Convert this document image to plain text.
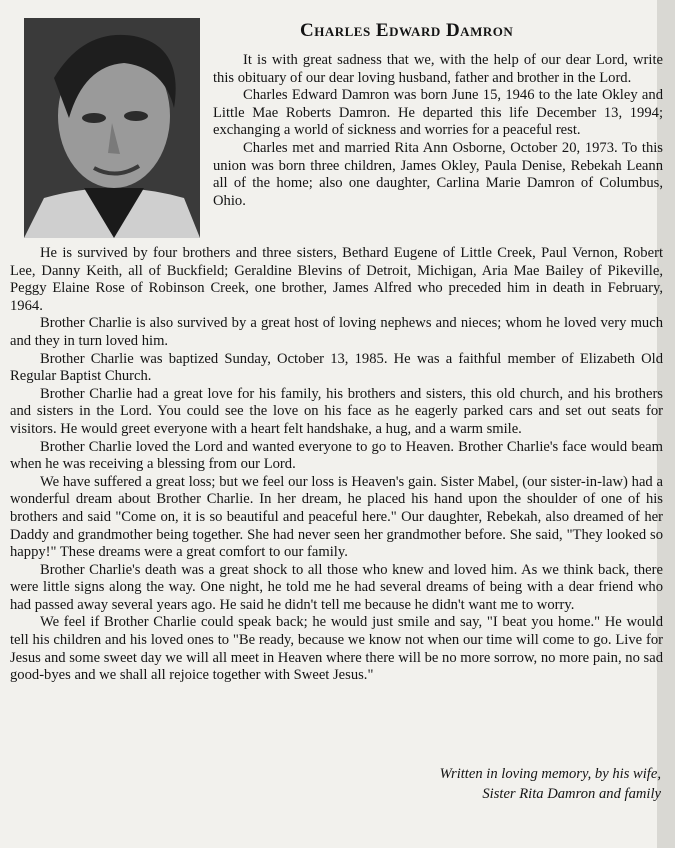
Charles Edward Damron

It is with great sadness that we, with the help of our dear Lord, write this obituary of our dear loving husband, father and brother in the Lord.

Charles Edward Damron was born June 15, 1946 to the late Okley and Little Mae Roberts Damron. He departed this life December 13, 1994; exchanging a world of sickness and worries for a peaceful rest.

Charles met and married Rita Ann Osborne, October 20, 1973. To this union was born three children, James Okley, Paula Denise, Rebekah Leann all of the home; also one daughter, Carlina Marie Damron of Columbus, Ohio.

He is survived by four brothers and three sisters, Bethard Eugene of Little Creek, Paul Vernon, Robert Lee, Danny Keith, all of Buckfield; Geraldine Blevins of Detroit, Michigan, Aria Mae Bailey of Pikeville, Peggy Elaine Rose of Robinson Creek, one brother, James Alfred who preceded him in death in February, 1964.

Brother Charlie is also survived by a great host of loving nephews and nieces; whom he loved very much and they in turn loved him.

Brother Charlie was baptized Sunday, October 13, 1985. He was a faithful member of Elizabeth Old Regular Baptist Church.

Brother Charlie had a great love for his family, his brothers and sisters, this old church, and his brothers and sisters in the Lord. You could see the love on his face as he eagerly parked cars and set out seats for visitors. He would greet everyone with a heart felt handshake, a hug, and a warm smile.

Brother Charlie loved the Lord and wanted everyone to go to Heaven. Brother Charlie's face would beam when he was receiving a blessing from our Lord.

We have suffered a great loss; but we feel our loss is Heaven's gain. Sister Mabel, (our sister-in-law) had a wonderful dream about Brother Charlie. In her dream, he placed his hand upon the shoulder of one of his brothers and said "Come on, it is so beautiful and peaceful here." Our daughter, Rebekah, also dreamed of her Daddy and grandmother being together. She had never seen her grandmother before. She said, "They looked so happy!" These dreams were a great comfort to our family.

Brother Charlie's death was a great shock to all those who knew and loved him. As we think back, there were little signs along the way. One night, he told me he had several dreams of being with a dear friend who had passed away several years ago. He said he didn't tell me because he didn't want me to worry.

We feel if Brother Charlie could speak back; he would just smile and say, "I beat you home." He would tell his children and his loved ones to "Be ready, because we know not when our time will come to go. Live for Jesus and some sweet day we will all meet in Heaven where there will be no more sorrow, no more pain, no sad good-byes and we shall all rejoice together with Sweet Jesus."

Written in loving memory, by his wife,
Sister Rita Damron and family
